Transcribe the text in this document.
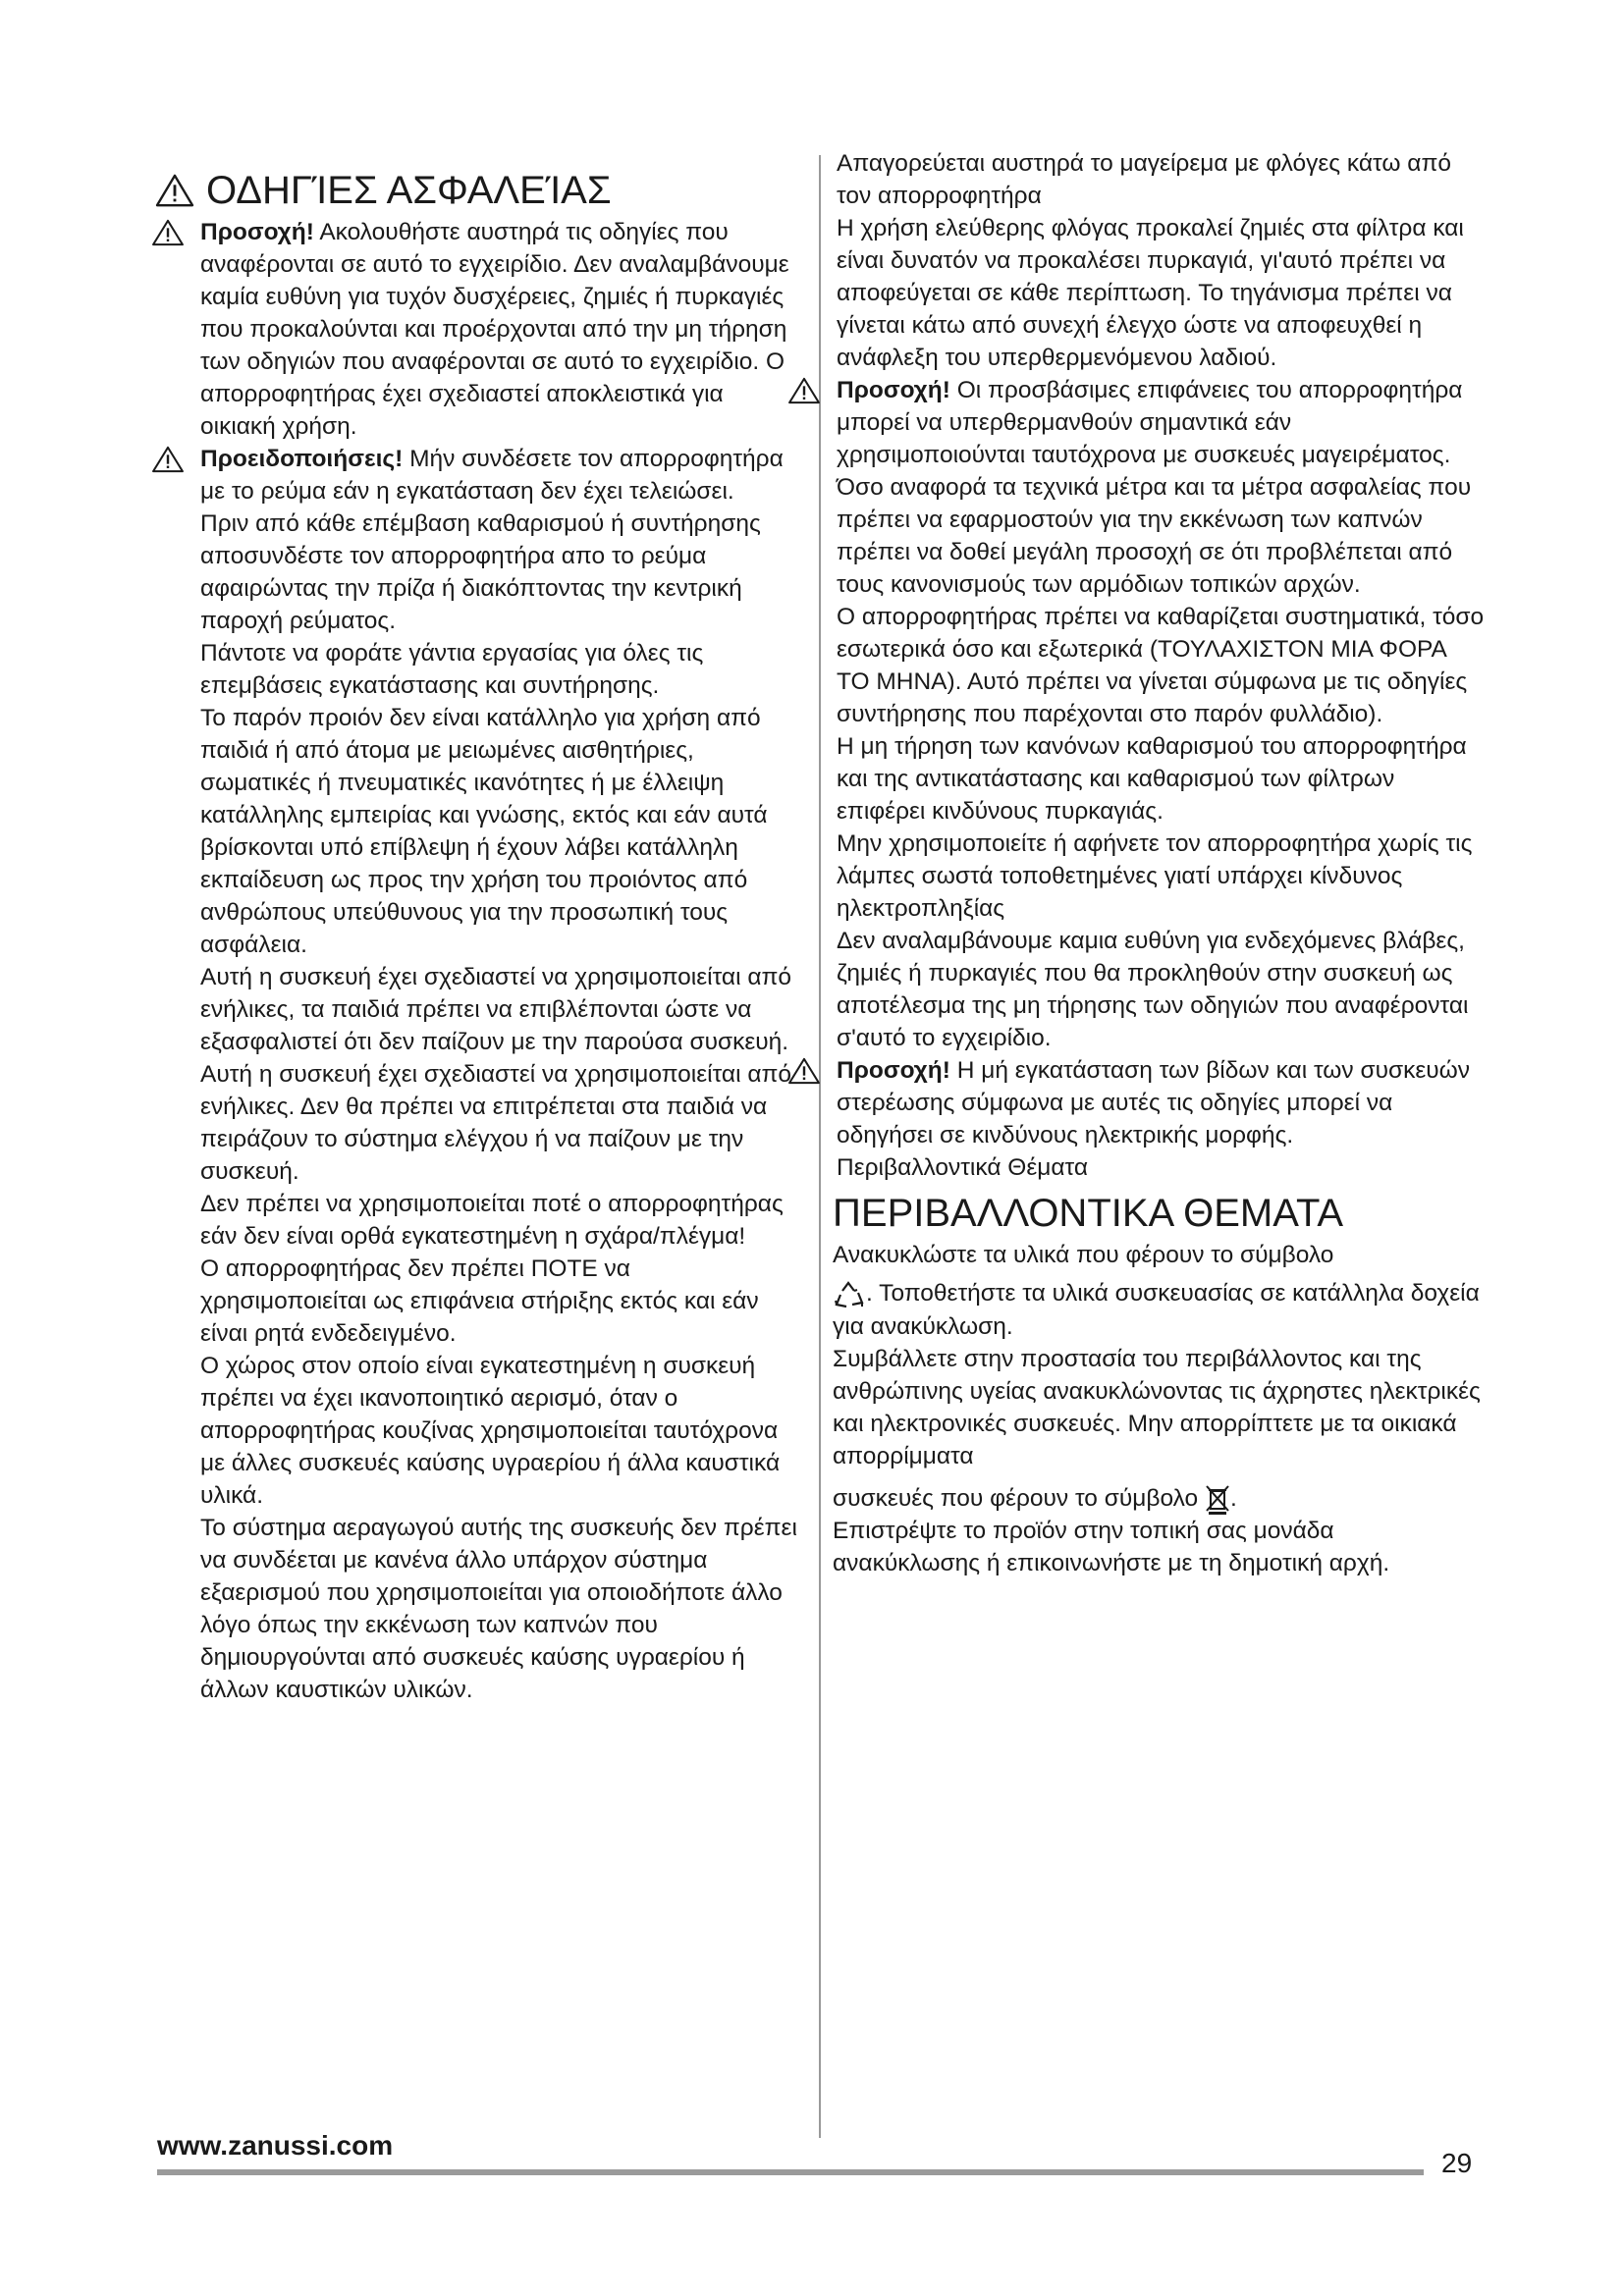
ΟΔΗΓΊΕΣ ΑΣΦΑΛΕΊΑΣ

Προσοχή! Ακολουθήστε αυστηρά τις οδηγίες που αναφέρονται σε αυτό το εγχειρίδιο. Δεν αναλαμβάνουμε καμία ευθύνη για τυχόν δυσχέρειες, ζημιές ή πυρκαγιές που προκαλούνται και προέρχονται από την μη τήρηση των οδηγιών που αναφέρονται σε αυτό το εγχειρίδιο. Ο απορροφητήρας έχει σχεδιαστεί αποκλειστικά για οικιακή χρήση.

Προειδοποιήσεις! Μήν συνδέσετε τον απορροφητήρα με το ρεύμα εάν η εγκατάσταση δεν έχει τελειώσει.

Πριν από κάθε επέμβαση καθαρισμού ή συντήρησης αποσυνδέστε τον απορροφητήρα απο το ρεύμα αφαιρώντας την πρίζα ή διακόπτοντας την κεντρική παροχή ρεύματος.

Πάντοτε να φοράτε γάντια εργασίας για όλες τις επεμβάσεις εγκατάστασης και συντήρησης.

Το παρόν προιόν δεν είναι κατάλληλο για χρήση από παιδιά ή από άτομα με μειωμένες αισθητήριες, σωματικές ή πνευματικές ικανότητες ή με έλλειψη κατάλληλης εμπειρίας και γνώσης, εκτός και εάν αυτά βρίσκονται υπό επίβλεψη ή έχουν λάβει κατάλληλη εκπαίδευση ως προς την χρήση του προιόντος από ανθρώπους υπεύθυνους για την προσωπική τους ασφάλεια.

Αυτή η συσκευή έχει σχεδιαστεί να χρησιμοποιείται από ενήλικες, τα παιδιά πρέπει να επιβλέπονται ώστε να εξασφαλιστεί ότι δεν παίζουν με την παρούσα συσκευή.

Αυτή η συσκευή έχει σχεδιαστεί να χρησιμοποιείται από ενήλικες. Δεν θα πρέπει να επιτρέπεται στα παιδιά να πειράζουν το σύστημα ελέγχου ή να παίζουν με την συσκευή.

Δεν πρέπει να χρησιμοποιείται ποτέ ο απορροφητήρας εάν δεν είναι ορθά εγκατεστημένη η σχάρα/πλέγμα!

Ο απορροφητήρας δεν πρέπει ΠΟΤΕ να χρησιμοποιείται ως επιφάνεια στήριξης εκτός και εάν είναι ρητά ενδεδειγμένο.

Ο χώρος στον οποίο είναι εγκατεστημένη η συσκευή πρέπει να έχει ικανοποιητικό αερισμό, όταν ο απορροφητήρας κουζίνας χρησιμοποιείται ταυτόχρονα με άλλες συσκευές καύσης υγραερίου ή άλλα καυστικά υλικά.

Το σύστημα αεραγωγού αυτής της συσκευής δεν πρέπει να συνδέεται με κανένα άλλο υπάρχον σύστημα εξαερισμού που χρησιμοποιείται για οποιοδήποτε άλλο λόγο όπως την εκκένωση των καπνών που δημιουργούνται από συσκευές καύσης υγραερίου ή άλλων καυστικών υλικών.

Απαγορεύεται αυστηρά το μαγείρεμα με φλόγες κάτω από τον απορροφητήρα

Η χρήση ελεύθερης φλόγας προκαλεί ζημιές στα φίλτρα και είναι δυνατόν να προκαλέσει πυρκαγιά, γι'αυτό πρέπει να αποφεύγεται σε κάθε περίπτωση. Το τηγάνισμα πρέπει να γίνεται κάτω από συνεχή έλεγχο ώστε να αποφευχθεί η ανάφλεξη του υπερθερμενόμενου λαδιού.

Προσοχή! Οι προσβάσιμες επιφάνειες του απορροφητήρα μπορεί να υπερθερμανθούν σημαντικά εάν χρησιμοποιούνται ταυτόχρονα με συσκευές μαγειρέματος.

Όσο αναφορά τα τεχνικά μέτρα και τα μέτρα ασφαλείας που πρέπει να εφαρμοστούν για την εκκένωση των καπνών πρέπει να δοθεί μεγάλη προσοχή σε ότι προβλέπεται από τους κανονισμούς των αρμόδιων τοπικών αρχών.

Ο απορροφητήρας πρέπει να καθαρίζεται συστηματικά, τόσο εσωτερικά όσο και εξωτερικά (ΤΟΥΛΑΧΙΣΤΟΝ ΜΙΑ ΦΟΡΑ ΤΟ ΜΗΝΑ). Αυτό πρέπει να γίνεται σύμφωνα με τις οδηγίες συντήρησης που παρέχονται στο παρόν φυλλάδιο).

Η μη τήρηση των κανόνων καθαρισμού του απορροφητήρα και της αντικατάστασης και καθαρισμού των φίλτρων επιφέρει κινδύνους πυρκαγιάς.

Μην χρησιμοποιείτε ή αφήνετε τον απορροφητήρα χωρίς τις λάμπες σωστά τοποθετημένες γιατί υπάρχει κίνδυνος ηλεκτροπληξίας

Δεν αναλαμβάνουμε καμια ευθύνη για ενδεχόμενες βλάβες, ζημιές ή πυρκαγιές που θα προκληθούν στην συσκευή ως αποτέλεσμα της μη τήρησης των οδηγιών που αναφέρονται σ'αυτό το εγχειρίδιο.

Προσοχή! Η μή εγκατάσταση των βίδων και των συσκευών στερέωσης σύμφωνα με αυτές τις οδηγίες μπορεί να οδηγήσει σε κινδύνους ηλεκτρικής μορφής.

Περιβαλλοντικά Θέματα

ΠΕΡΙΒΑΛΛΟΝΤΙΚΑ ΘΕΜΑΤΑ

Ανακυκλώστε τα υλικά που φέρουν το σύμβολο

. Τοποθετήστε τα υλικά συσκευασίας σε κατάλληλα δοχεία για ανακύκλωση.

Συμβάλλετε στην προστασία του περιβάλλοντος και της ανθρώπινης υγείας ανακυκλώνοντας τις άχρηστες ηλεκτρικές και ηλεκτρονικές συσκευές. Μην απορρίπτετε με τα οικιακά απορρίμματα

συσκευές που φέρουν το σύμβολο .

Επιστρέψτε το προϊόν στην τοπική σας μονάδα ανακύκλωσης ή επικοινωνήστε με τη δημοτική αρχή.

www.zanussi.com
29
